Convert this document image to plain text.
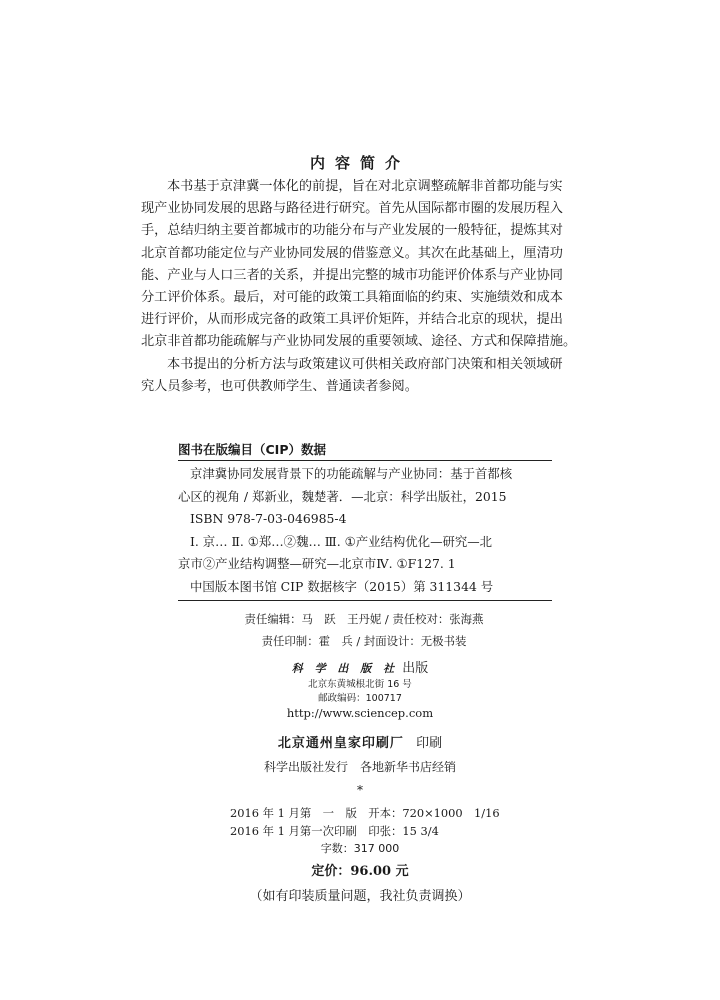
内容简介
本书基于京津冀一体化的前提，旨在对北京调整疏解非首都功能与实
现产业协同发展的思路与路径进行研究。首先从国际都市圈的发展历程入
手，总结归纳主要首都城市的功能分布与产业发展的一般特征，提炼其对
北京首都功能定位与产业协同发展的借鉴意义。其次在此基础上，厘清功
能、产业与人口三者的关系，并提出完整的城市功能评价体系与产业协同
分工评价体系。最后，对可能的政策工具箱面临的约束、实施绩效和成本
进行评价，从而形成完备的政策工具评价矩阵，并结合北京的现状，提出
北京非首都功能疏解与产业协同发展的重要领域、途径、方式和保障措施。
本书提出的分析方法与政策建议可供相关政府部门决策和相关领域研
究人员参考，也可供教师学生、普通读者参阅。
图书在版编目（CIP）数据
京津冀协同发展背景下的功能疏解与产业协同：基于首都核
心区的视角 / 郑新业，魏楚著．—北京：科学出版社，2015
ISBN 978-7-03-046985-4
Ⅰ. 京… Ⅱ. ①郑…②魏… Ⅲ. ①产业结构优化—研究—北
京市②产业结构调整—研究—北京市Ⅳ. ①F127. 1
中国版本图书馆 CIP 数据核字（2015）第 311344 号
责任编辑：马　跃　王丹妮 / 责任校对：张海燕
责任印制：霍　兵 / 封面设计：无极书装
科 学 出 版 社 出版
北京东黄城根北街 16 号
邮政编码：100717
http://www.sciencep.com
北京通州皇家印刷厂 印刷
科学出版社发行　各地新华书店经销
*
2016 年 1 月第　一　版　开本：720×1000　1/16
2016 年 1 月第一次印刷　印张：15 3/4
字数：317 000
定价：96.00 元
（如有印装质量问题，我社负责调换）
